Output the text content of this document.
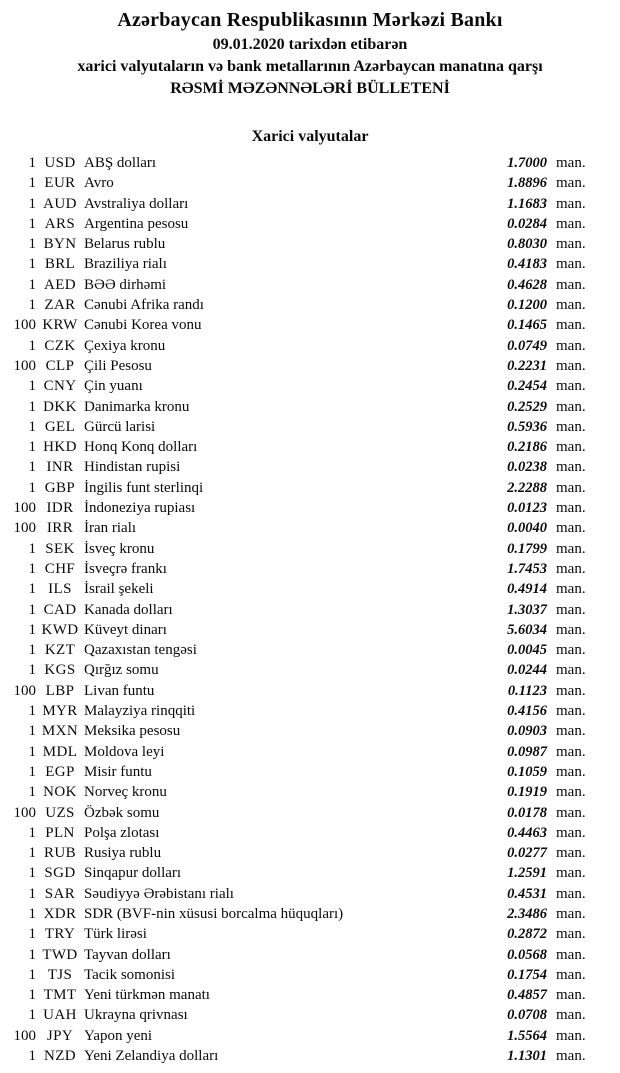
Azərbaycan Respublikasının Mərkəzi Bankı
09.01.2020 tarixdən etibarən
xarici valyutaların və bank metallarının Azərbaycan manatına qarşı
RƏSMİ MƏZƏNNƏLƏRİ BÜLLETENİ
Xarici valyutalar
1 USD ABŞ dolları	1.7000 man.
1 EUR Avro	1.8896 man.
1 AUD Avstraliya dolları	1.1683 man.
1 ARS Argentina pesosu	0.0284 man.
1 BYN Belarus rublu	0.8030 man.
1 BRL Braziliya rialı	0.4183 man.
1 AED BƏƏ dirhəmi	0.4628 man.
1 ZAR Cənubi Afrika randı	0.1200 man.
100 KRW Cənubi Korea vonu	0.1465 man.
1 CZK Çexiya kronu	0.0749 man.
100 CLP Çili Pesosu	0.2231 man.
1 CNY Çin yuanı	0.2454 man.
1 DKK Danimarka kronu	0.2529 man.
1 GEL Gürcü larisi	0.5936 man.
1 HKD Honq Konq dolları	0.2186 man.
1 INR Hindistan rupisi	0.0238 man.
1 GBP İngilis funt sterlinqi	2.2288 man.
100 IDR İndoneziya rupiası	0.0123 man.
100 IRR İran rialı	0.0040 man.
1 SEK İsveç kronu	0.1799 man.
1 CHF İsveçrə frankı	1.7453 man.
1 ILS İsrail şekeli	0.4914 man.
1 CAD Kanada dolları	1.3037 man.
1 KWD Küveyt dinarı	5.6034 man.
1 KZT Qazaxıstan tengəsi	0.0045 man.
1 KGS Qırğız somu	0.0244 man.
100 LBP Livan funtu	0.1123 man.
1 MYR Malayziya rinqqiti	0.4156 man.
1 MXN Meksika pesosu	0.0903 man.
1 MDL Moldova leyi	0.0987 man.
1 EGP Misir funtu	0.1059 man.
1 NOK Norveç kronu	0.1919 man.
100 UZS Özbək somu	0.0178 man.
1 PLN Polşa zlotası	0.4463 man.
1 RUB Rusiya rublu	0.0277 man.
1 SGD Sinqapur dolları	1.2591 man.
1 SAR Səudiyyə Ərəbistanı rialı	0.4531 man.
1 XDR SDR (BVF-nin xüsusi borcalma hüquqları)	2.3486 man.
1 TRY Türk lirəsi	0.2872 man.
1 TWD Tayvan dolları	0.0568 man.
1 TJS Tacik somonisi	0.1754 man.
1 TMT Yeni türkmən manatı	0.4857 man.
1 UAH Ukrayna qrivnası	0.0708 man.
100 JPY Yapon yeni	1.5564 man.
1 NZD Yeni Zelandiya dolları	1.1301 man.
